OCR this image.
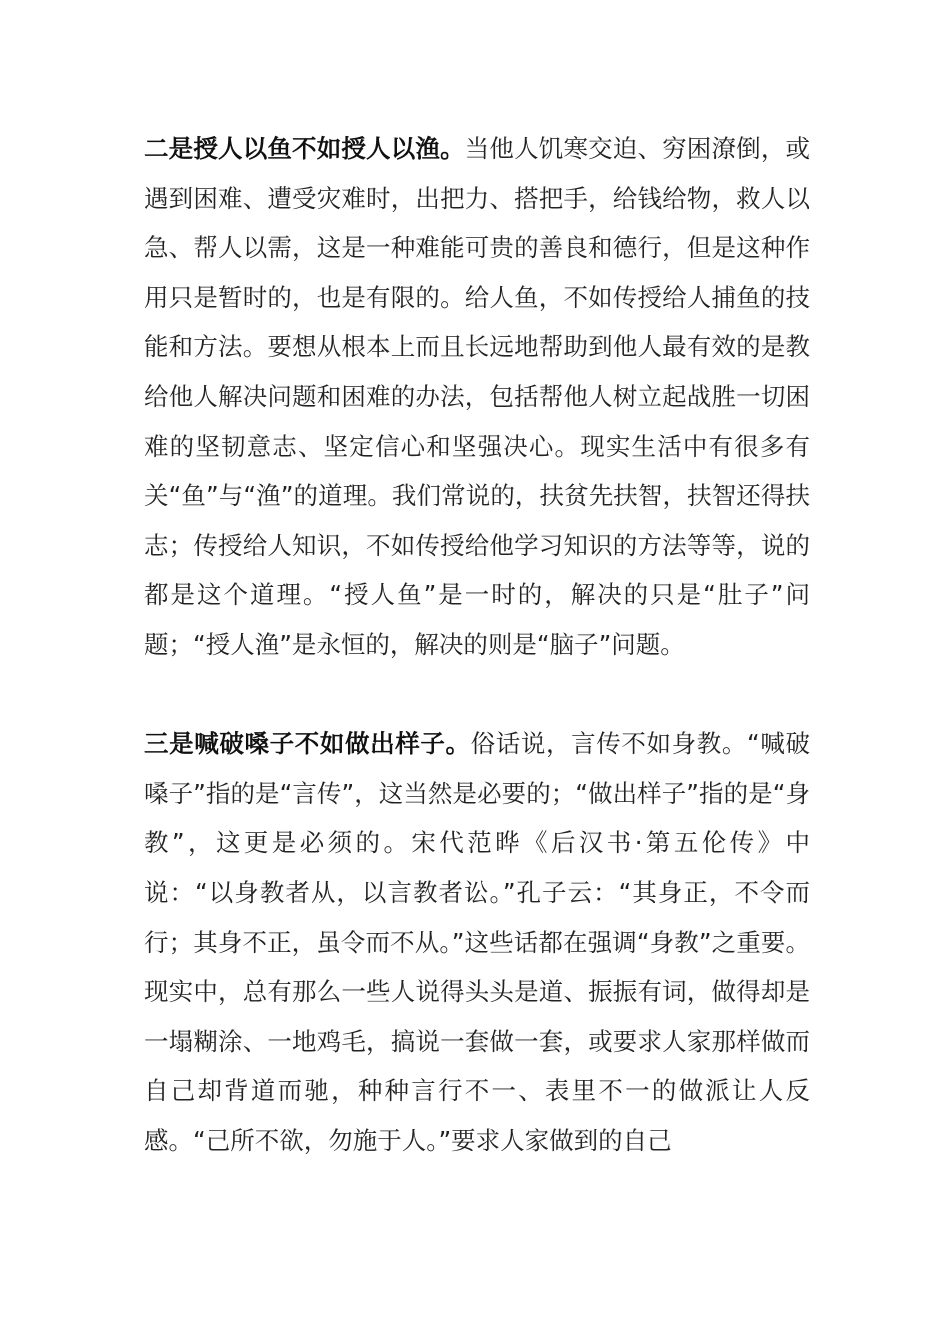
二是授人以鱼不如授人以渔。当他人饥寒交迫、穷困潦倒，或遇到困难、遭受灾难时，出把力、搭把手，给钱给物，救人以急、帮人以需，这是一种难能可贵的善良和德行，但是这种作用只是暂时的，也是有限的。给人鱼，不如传授给人捕鱼的技能和方法。要想从根本上而且长远地帮助到他人最有效的是教给他人解决问题和困难的办法，包括帮他人树立起战胜一切困难的坚韧意志、坚定信心和坚强决心。现实生活中有很多有关“鱼”与“渔”的道理。我们常说的，扶贫先扶智，扶智还得扶志；传授给人知识，不如传授给他学习知识的方法等等，说的都是这个道理。“授人鱼”是一时的，解决的只是“肚子”问题；“授人渔”是永恒的，解决的则是“脑子”问题。

三是喊破嗓子不如做出样子。俗话说，言传不如身教。“喊破嗓子”指的是“言传”，这当然是必要的；“做出样子”指的是“身教”，这更是必须的。宋代范晔《后汉书·第五伦传》中说：“以身教者从，以言教者讼。”孔子云：“其身正，不令而行；其身不正，虽令而不从。”这些话都在强调“身教”之重要。现实中，总有那么一些人说得头头是道、振振有词，做得却是一塌糊涂、一地鸡毛，搞说一套做一套，或要求人家那样做而自己却背道而驰，种种言行不一、表里不一的做派让人反感。“己所不欲，勿施于人。”要求人家做到的自己
